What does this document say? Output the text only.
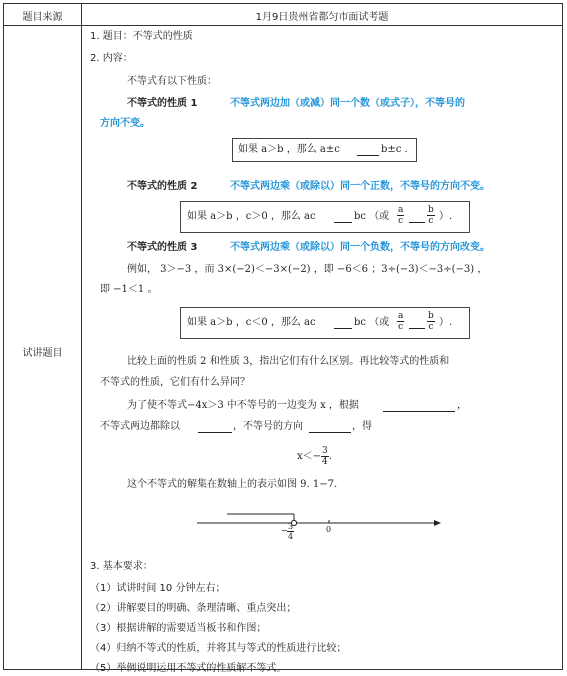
题目来源	1月9日贵州省都匀市面试考题
试讲题目
1. 题目：不等式的性质
2. 内容：
不等式有以下性质：
不等式的性质 1	不等式两边加（或减）同一个数（或式子），不等号的
方向不变。
如果 a＞b ，那么 a±c	b±c .
不等式的性质 2	不等式两边乘（或除以）同一个正数，不等号的方向不变。
如果 a＞b ，c＞0 ，那么 ac	bc （或 $\frac{a}{c}$	$\frac{b}{c}$ ）.
不等式的性质 3	不等式两边乘（或除以）同一个负数，不等号的方向改变。
例如， 3＞−3 ，而 3×(−2)＜−3×(−2) ，即 −6＜6 ；3÷(−3)＜−3÷(−3) ，
即 −1＜1 。
如果 a＞b ，c＜0 ，那么 ac	bc （或 $\frac{a}{c}$	$\frac{b}{c}$ ）.
比较上面的性质 2 和性质 3，指出它们有什么区别。再比较等式的性质和
不等式的性质，它们有什么异同？
为了使不等式−4x＞3 中不等号的一边变为 x ，根据	，
不等式两边都除以	，不等号的方向	，得
$x<- \frac{3}{4}$ .
这个不等式的解集在数轴上的表示如图 9. 1−7.
− $\frac{3}{4}$	0
3. 基本要求：
（1）试讲时间 10 分钟左右；
（2）讲解要目的明确、条理清晰、重点突出；
（3）根据讲解的需要适当板书和作图；
（4）归纳不等式的性质，并将其与等式的性质进行比较；
（5）举例说明运用不等式的性质解不等式。
